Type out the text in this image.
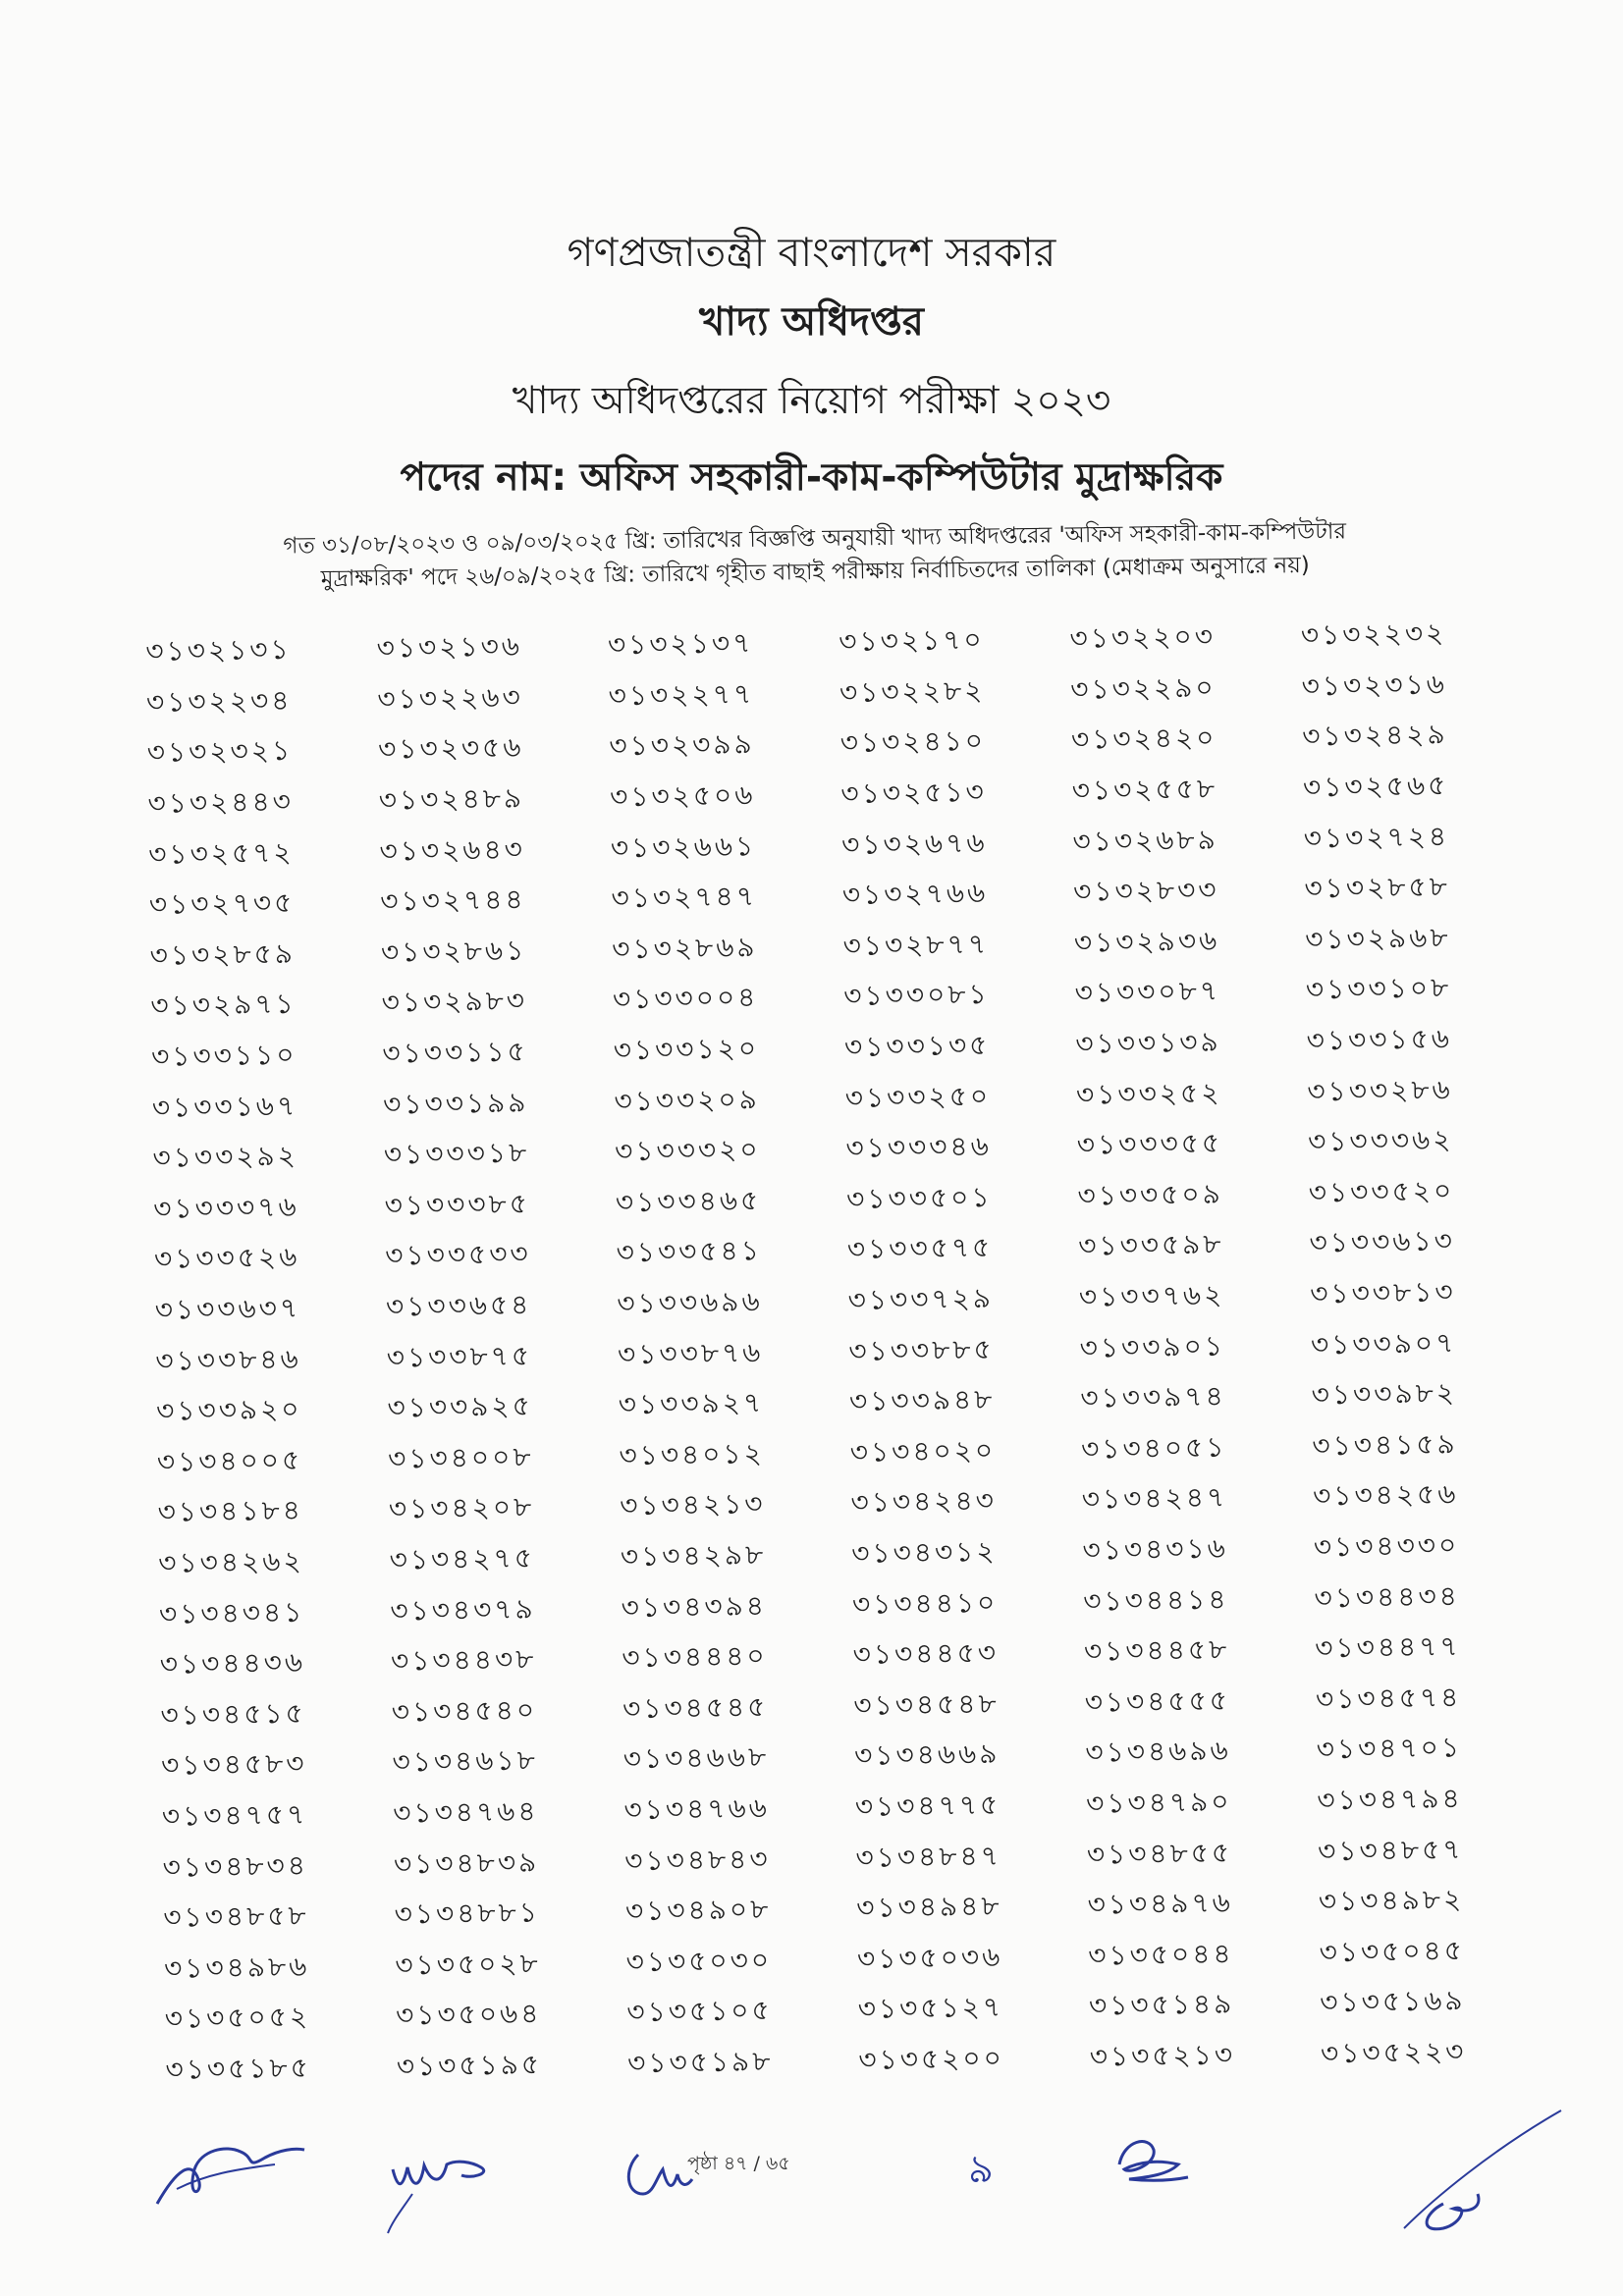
গণপ্রজাতন্ত্রী বাংলাদেশ সরকার
খাদ্য অধিদপ্তর
খাদ্য অধিদপ্তরের নিয়োগ পরীক্ষা ২০২৩
পদের নাম: অফিস সহকারী-কাম-কম্পিউটার মুদ্রাক্ষরিক
গত ৩১/০৮/২০২৩ ও ০৯/০৩/২০২৫ খ্রি: তারিখের বিজ্ঞপ্তি অনুযায়ী খাদ্য অধিদপ্তরের 'অফিস সহকারী-কাম-কম্পিউটার
মুদ্রাক্ষরিক' পদে ২৬/০৯/২০২৫ খ্রি: তারিখে গৃহীত বাছাই পরীক্ষায় নির্বাচিতদের তালিকা (মেধাক্রম অনুসারে নয়)
৩১৩২১৩১	৩১৩২১৩৬	৩১৩২১৩৭	৩১৩২১৭০	৩১৩২২০৩	৩১৩২২৩২
৩১৩২২৩৪	৩১৩২২৬৩	৩১৩২২৭৭	৩১৩২২৮২	৩১৩২২৯০	৩১৩২৩১৬
৩১৩২৩২১	৩১৩২৩৫৬	৩১৩২৩৯৯	৩১৩২৪১০	৩১৩২৪২০	৩১৩২৪২৯
৩১৩২৪৪৩	৩১৩২৪৮৯	৩১৩২৫০৬	৩১৩২৫১৩	৩১৩২৫৫৮	৩১৩২৫৬৫
৩১৩২৫৭২	৩১৩২৬৪৩	৩১৩২৬৬১	৩১৩২৬৭৬	৩১৩২৬৮৯	৩১৩২৭২৪
৩১৩২৭৩৫	৩১৩২৭৪৪	৩১৩২৭৪৭	৩১৩২৭৬৬	৩১৩২৮৩৩	৩১৩২৮৫৮
৩১৩২৮৫৯	৩১৩২৮৬১	৩১৩২৮৬৯	৩১৩২৮৭৭	৩১৩২৯৩৬	৩১৩২৯৬৮
৩১৩২৯৭১	৩১৩২৯৮৩	৩১৩৩০০৪	৩১৩৩০৮১	৩১৩৩০৮৭	৩১৩৩১০৮
৩১৩৩১১০	৩১৩৩১১৫	৩১৩৩১২০	৩১৩৩১৩৫	৩১৩৩১৩৯	৩১৩৩১৫৬
৩১৩৩১৬৭	৩১৩৩১৯৯	৩১৩৩২০৯	৩১৩৩২৫০	৩১৩৩২৫২	৩১৩৩২৮৬
৩১৩৩২৯২	৩১৩৩৩১৮	৩১৩৩৩২০	৩১৩৩৩৪৬	৩১৩৩৩৫৫	৩১৩৩৩৬২
৩১৩৩৩৭৬	৩১৩৩৩৮৫	৩১৩৩৪৬৫	৩১৩৩৫০১	৩১৩৩৫০৯	৩১৩৩৫২০
৩১৩৩৫২৬	৩১৩৩৫৩৩	৩১৩৩৫৪১	৩১৩৩৫৭৫	৩১৩৩৫৯৮	৩১৩৩৬১৩
৩১৩৩৬৩৭	৩১৩৩৬৫৪	৩১৩৩৬৯৬	৩১৩৩৭২৯	৩১৩৩৭৬২	৩১৩৩৮১৩
৩১৩৩৮৪৬	৩১৩৩৮৭৫	৩১৩৩৮৭৬	৩১৩৩৮৮৫	৩১৩৩৯০১	৩১৩৩৯০৭
৩১৩৩৯২০	৩১৩৩৯২৫	৩১৩৩৯২৭	৩১৩৩৯৪৮	৩১৩৩৯৭৪	৩১৩৩৯৮২
৩১৩৪০০৫	৩১৩৪০০৮	৩১৩৪০১২	৩১৩৪০২০	৩১৩৪০৫১	৩১৩৪১৫৯
৩১৩৪১৮৪	৩১৩৪২০৮	৩১৩৪২১৩	৩১৩৪২৪৩	৩১৩৪২৪৭	৩১৩৪২৫৬
৩১৩৪২৬২	৩১৩৪২৭৫	৩১৩৪২৯৮	৩১৩৪৩১২	৩১৩৪৩১৬	৩১৩৪৩৩০
৩১৩৪৩৪১	৩১৩৪৩৭৯	৩১৩৪৩৯৪	৩১৩৪৪১০	৩১৩৪৪১৪	৩১৩৪৪৩৪
৩১৩৪৪৩৬	৩১৩৪৪৩৮	৩১৩৪৪৪০	৩১৩৪৪৫৩	৩১৩৪৪৫৮	৩১৩৪৪৭৭
৩১৩৪৫১৫	৩১৩৪৫৪০	৩১৩৪৫৪৫	৩১৩৪৫৪৮	৩১৩৪৫৫৫	৩১৩৪৫৭৪
৩১৩৪৫৮৩	৩১৩৪৬১৮	৩১৩৪৬৬৮	৩১৩৪৬৬৯	৩১৩৪৬৯৬	৩১৩৪৭০১
৩১৩৪৭৫৭	৩১৩৪৭৬৪	৩১৩৪৭৬৬	৩১৩৪৭৭৫	৩১৩৪৭৯০	৩১৩৪৭৯৪
৩১৩৪৮৩৪	৩১৩৪৮৩৯	৩১৩৪৮৪৩	৩১৩৪৮৪৭	৩১৩৪৮৫৫	৩১৩৪৮৫৭
৩১৩৪৮৫৮	৩১৩৪৮৮১	৩১৩৪৯০৮	৩১৩৪৯৪৮	৩১৩৪৯৭৬	৩১৩৪৯৮২
৩১৩৪৯৮৬	৩১৩৫০২৮	৩১৩৫০৩০	৩১৩৫০৩৬	৩১৩৫০৪৪	৩১৩৫০৪৫
৩১৩৫০৫২	৩১৩৫০৬৪	৩১৩৫১০৫	৩১৩৫১২৭	৩১৩৫১৪৯	৩১৩৫১৬৯
৩১৩৫১৮৫	৩১৩৫১৯৫	৩১৩৫১৯৮	৩১৩৫২০০	৩১৩৫২১৩	৩১৩৫২২৩
পৃষ্ঠা ৪৭ / ৬৫	৯
